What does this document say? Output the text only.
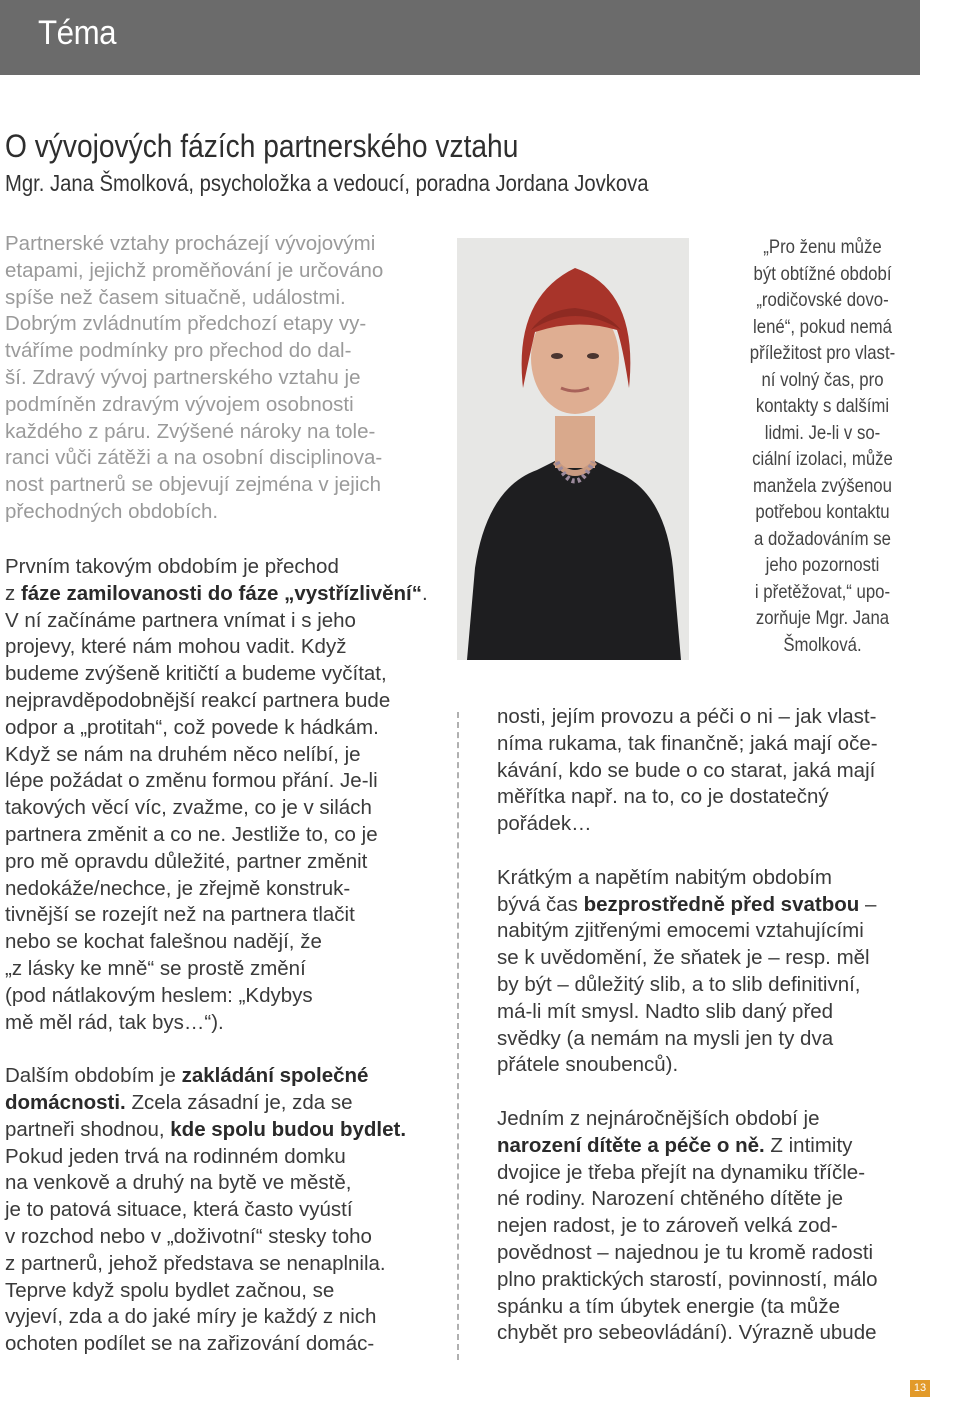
Téma
O vývojových fázích partnerského vztahu
Mgr. Jana Šmolková, psycholožka a vedoucí, poradna Jordana Jovkova
Partnerské vztahy procházejí vývojovými
etapami, jejichž proměňování je určováno
spíše než časem situačně, událostmi.
Dobrým zvládnutím předchozí etapy vy-
tváříme podmínky pro přechod do dal-
ší. Zdravý vývoj partnerského vztahu je
podmíněn zdravým vývojem osobnosti
každého z páru. Zvýšené nároky na tole-
ranci vůči zátěži a na osobní disciplinova-
nost partnerů se objevují zejména v jejich
přechodných obdobích.
Prvním takovým obdobím je přechod
z fáze zamilovanosti do fáze „vystřízlivění“.
V ní začínáme partnera vnímat i s jeho
projevy, které nám mohou vadit. Když
budeme zvýšeně kritičtí a budeme vyčítat,
nejpravděpodobnější reakcí partnera bude
odpor a „protitah“, což povede k hádkám.
Když se nám na druhém něco nelíbí, je
lépe požádat o změnu formou přání. Je-li
takových věcí víc, zvažme, co je v silách
partnera změnit a co ne. Jestliže to, co je
pro mě opravdu důležité, partner změnit
nedokáže/nechce, je zřejmě konstruk-
tivnější se rozejít než na partnera tlačit
nebo se kochat falešnou nadějí, že
„z lásky ke mně“ se prostě změní
(pod nátlakovým heslem: „Kdybys
mě měl rád, tak bys…“).
Dalším obdobím je zakládání společné
domácnosti. Zcela zásadní je, zda se
partneři shodnou, kde spolu budou bydlet.
Pokud jeden trvá na rodinném domku
na venkově a druhý na bytě ve městě,
je to patová situace, která často vyústí
v rozchod nebo v „doživotní“ stesky toho
z partnerů, jehož představa se nenaplnila.
Teprve když spolu bydlet začnou, se
vyjeví, zda a do jaké míry je každý z nich
ochoten podílet se na zařizování domác-
„Pro ženu může
být obtížné období
„rodičovské dovo-
lené“, pokud nemá
příležitost pro vlast-
ní volný čas, pro
kontakty s dalšími
lidmi. Je-li v so-
ciální izolaci, může
manžela zvýšenou
potřebou kontaktu
a dožadováním se
jeho pozornosti
i přetěžovat,“ upo-
zorňuje Mgr. Jana
Šmolková.
nosti, jejím provozu a péči o ni – jak vlast-
níma rukama, tak finančně; jaká mají oče-
kávání, kdo se bude o co starat, jaká mají
měřítka např. na to, co je dostatečný
pořádek…
Krátkým a napětím nabitým obdobím
bývá čas bezprostředně před svatbou –
nabitým zjitřenými emocemi vztahujícími
se k uvědomění, že sňatek je – resp. měl
by být – důležitý slib, a to slib definitivní,
má-li mít smysl. Nadto slib daný před
svědky (a nemám na mysli jen ty dva
přátele snoubenců).
Jedním z nejnáročnějších období je
narození dítěte a péče o ně. Z intimity
dvojice je třeba přejít na dynamiku tříčle-
né rodiny. Narození chtěného dítěte je
nejen radost, je to zároveň velká zod-
povědnost – najednou je tu kromě radosti
plno praktických starostí, povinností, málo
spánku a tím úbytek energie (ta může
chybět pro sebeovládání). Výrazně ubude
13
